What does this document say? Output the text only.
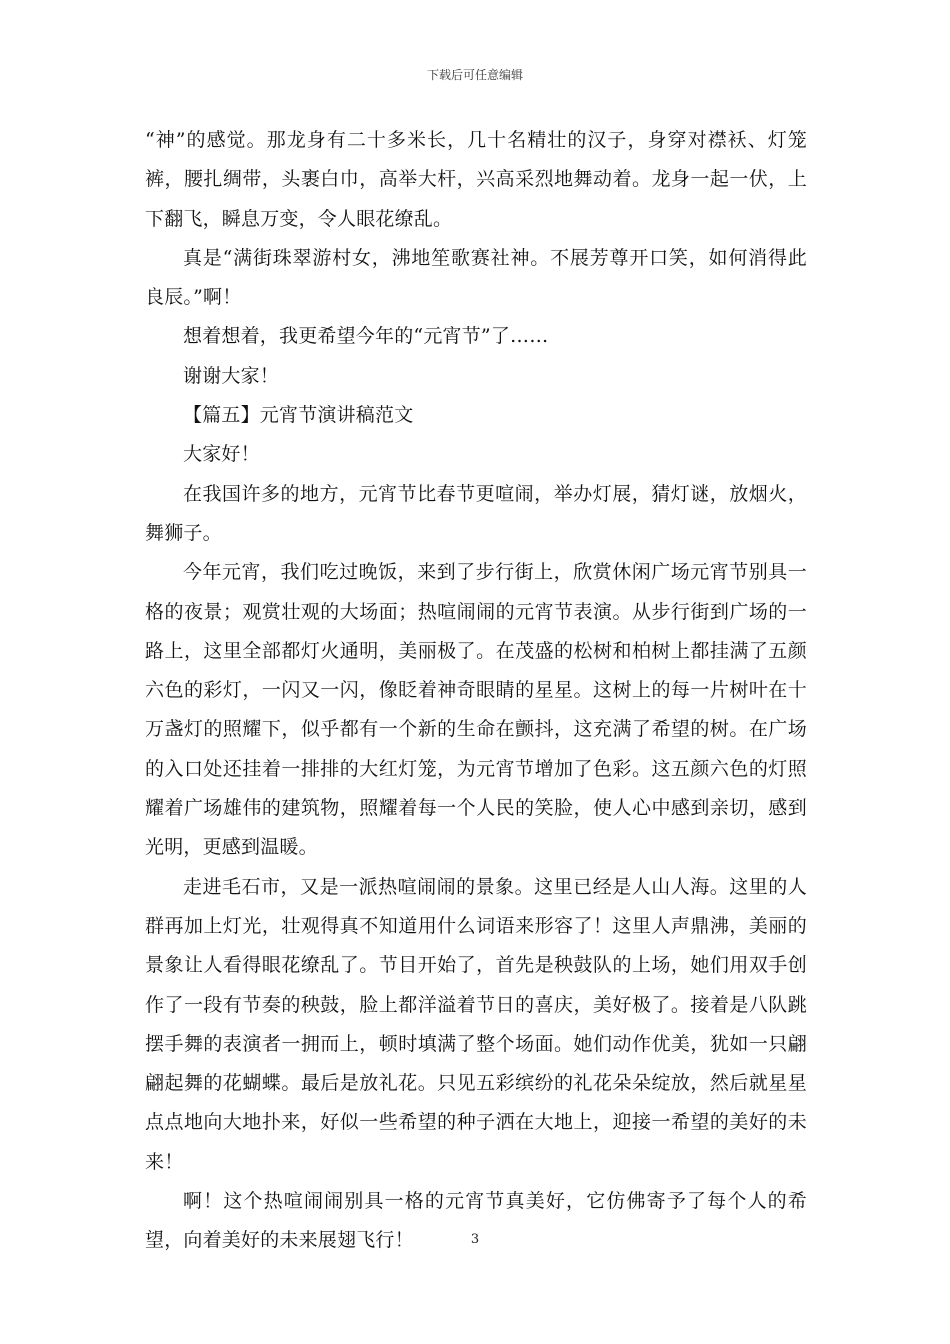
下载后可任意编辑

“神”的感觉。那龙身有二十多米长，几十名精壮的汉子，身穿对襟袄、灯笼裤，腰扎绸带，头裹白巾，高举大杆，兴高采烈地舞动着。龙身一起一伏，上下翻飞，瞬息万变，令人眼花缭乱。

真是“满街珠翠游村女，沸地笙歌赛社神。不展芳尊开口笑，如何消得此良辰。”啊！

想着想着，我更希望今年的“元宵节”了……

谢谢大家！

【篇五】元宵节演讲稿范文

大家好！

在我国许多的地方，元宵节比春节更喧闹，举办灯展，猜灯谜，放烟火，舞狮子。

今年元宵，我们吃过晚饭，来到了步行街上，欣赏休闲广场元宵节别具一格的夜景；观赏壮观的大场面；热喧闹闹的元宵节表演。从步行街到广场的一路上，这里全部都灯火通明，美丽极了。在茂盛的松树和柏树上都挂满了五颜六色的彩灯，一闪又一闪，像眨着神奇眼睛的星星。这树上的每一片树叶在十万盏灯的照耀下，似乎都有一个新的生命在颤抖，这充满了希望的树。在广场的入口处还挂着一排排的大红灯笼，为元宵节增加了色彩。这五颜六色的灯照耀着广场雄伟的建筑物，照耀着每一个人民的笑脸，使人心中感到亲切，感到光明，更感到温暖。

走进毛石市，又是一派热喧闹闹的景象。这里已经是人山人海。这里的人群再加上灯光，壮观得真不知道用什么词语来形容了！这里人声鼎沸，美丽的景象让人看得眼花缭乱了。节目开始了，首先是秧鼓队的上场，她们用双手创作了一段有节奏的秧鼓，脸上都洋溢着节日的喜庆，美好极了。接着是八队跳摆手舞的表演者一拥而上，顿时填满了整个场面。她们动作优美，犹如一只翩翩起舞的花蝴蝶。最后是放礼花。只见五彩缤纷的礼花朵朵绽放，然后就星星点点地向大地扑来，好似一些希望的种子洒在大地上，迎接一希望的美好的未来！

啊！这个热喧闹闹别具一格的元宵节真美好，它仿佛寄予了每个人的希望，向着美好的未来展翅飞行！	3
